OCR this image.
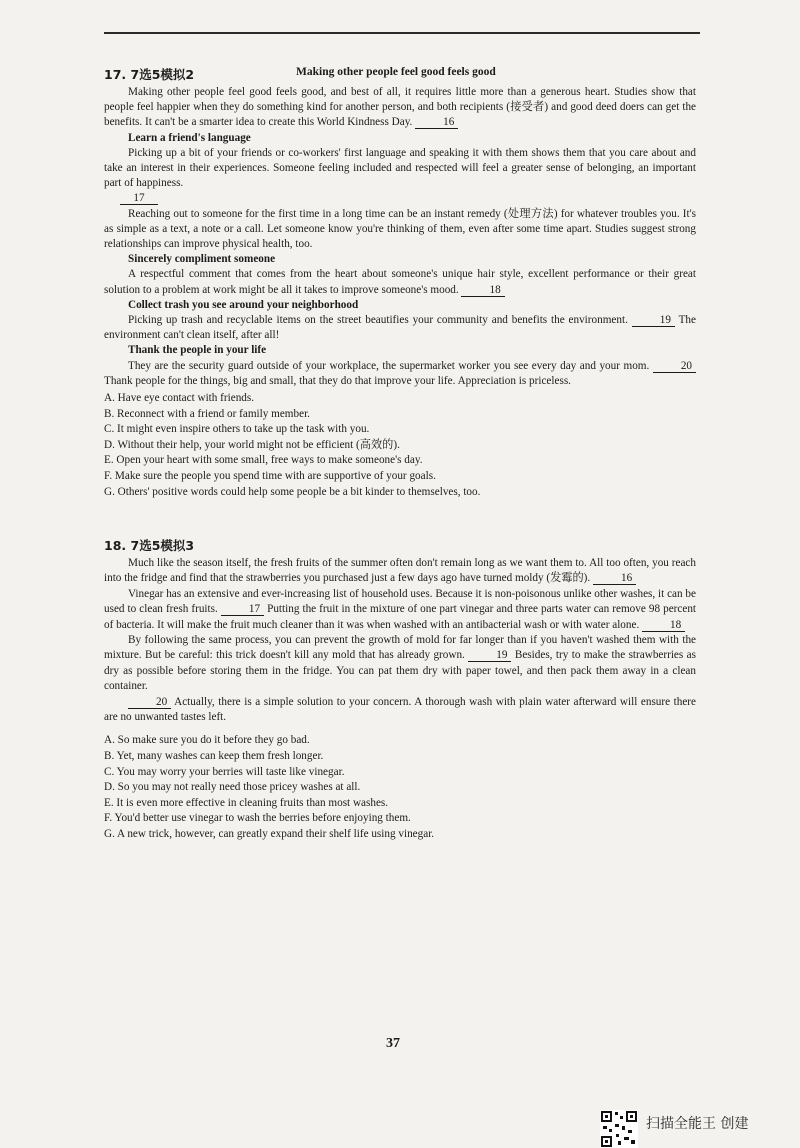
17. 7选5模拟2	Making other people feel good feels good

Making other people feel good feels good, and best of all, it requires little more than a generous heart. Studies show that people feel happier when they do something kind for another person, and both recipients (接受者) and good deed doers can get the benefits. It can't be a smarter idea to create this World Kindness Day.	16

Learn a friend's language

Picking up a bit of your friends or co-workers' first language and speaking it with them shows them that you care about and take an interest in their experiences. Someone feeling included and respected will feel a greater sense of belonging, an important part of happiness.

17

Reaching out to someone for the first time in a long time can be an instant remedy (处理方法) for whatever troubles you. It's as simple as a text, a note or a call. Let someone know you're thinking of them, even after some time apart. Studies suggest strong relationships can improve physical health, too.

Sincerely compliment someone

A respectful comment that comes from the heart about someone's unique hair style, excellent performance or their great solution to a problem at work might be all it takes to improve someone's mood.	18

Collect trash you see around your neighborhood

Picking up trash and recyclable items on the street beautifies your community and benefits the environment.	19 The environment can't clean itself, after all!

Thank the people in your life

They are the security guard outside of your workplace, the supermarket worker you see every day and your mom.	20 Thank people for the things, big and small, that they do that improve your life. Appreciation is priceless.

A. Have eye contact with friends.

B. Reconnect with a friend or family member.

C. It might even inspire others to take up the task with you.

D. Without their help, your world might not be efficient (高效的).

E. Open your heart with some small, free ways to make someone's day.

F. Make sure the people you spend time with are supportive of your goals.

G. Others' positive words could help some people be a bit kinder to themselves, too.

18. 7选5模拟3

Much like the season itself, the fresh fruits of the summer often don't remain long as we want them to. All too often, you reach into the fridge and find that the strawberries you purchased just a few days ago have turned moldy (发霉的).	16

Vinegar has an extensive and ever-increasing list of household uses. Because it is non-poisonous unlike other washes, it can be used to clean fresh fruits.	17 Putting the fruit in the mixture of one part vinegar and three parts water can remove 98 percent of bacteria. It will make the fruit much cleaner than it was when washed with an antibacterial wash or with water alone.	18

By following the same process, you can prevent the growth of mold for far longer than if you haven't washed them with the mixture. But be careful: this trick doesn't kill any mold that has already grown.	19 Besides, try to make the strawberries as dry as possible before storing them in the fridge. You can pat them dry with paper towel, and then pack them away in a clean container.

20 Actually, there is a simple solution to your concern. A thorough wash with plain water afterward will ensure there are no unwanted tastes left.

A. So make sure you do it before they go bad.

B. Yet, many washes can keep them fresh longer.

C. You may worry your berries will taste like vinegar.

D. So you may not really need those pricey washes at all.

E. It is even more effective in cleaning fruits than most washes.

F. You'd better use vinegar to wash the berries before enjoying them.

G. A new trick, however, can greatly expand their shelf life using vinegar.

37
扫描全能王 创建
